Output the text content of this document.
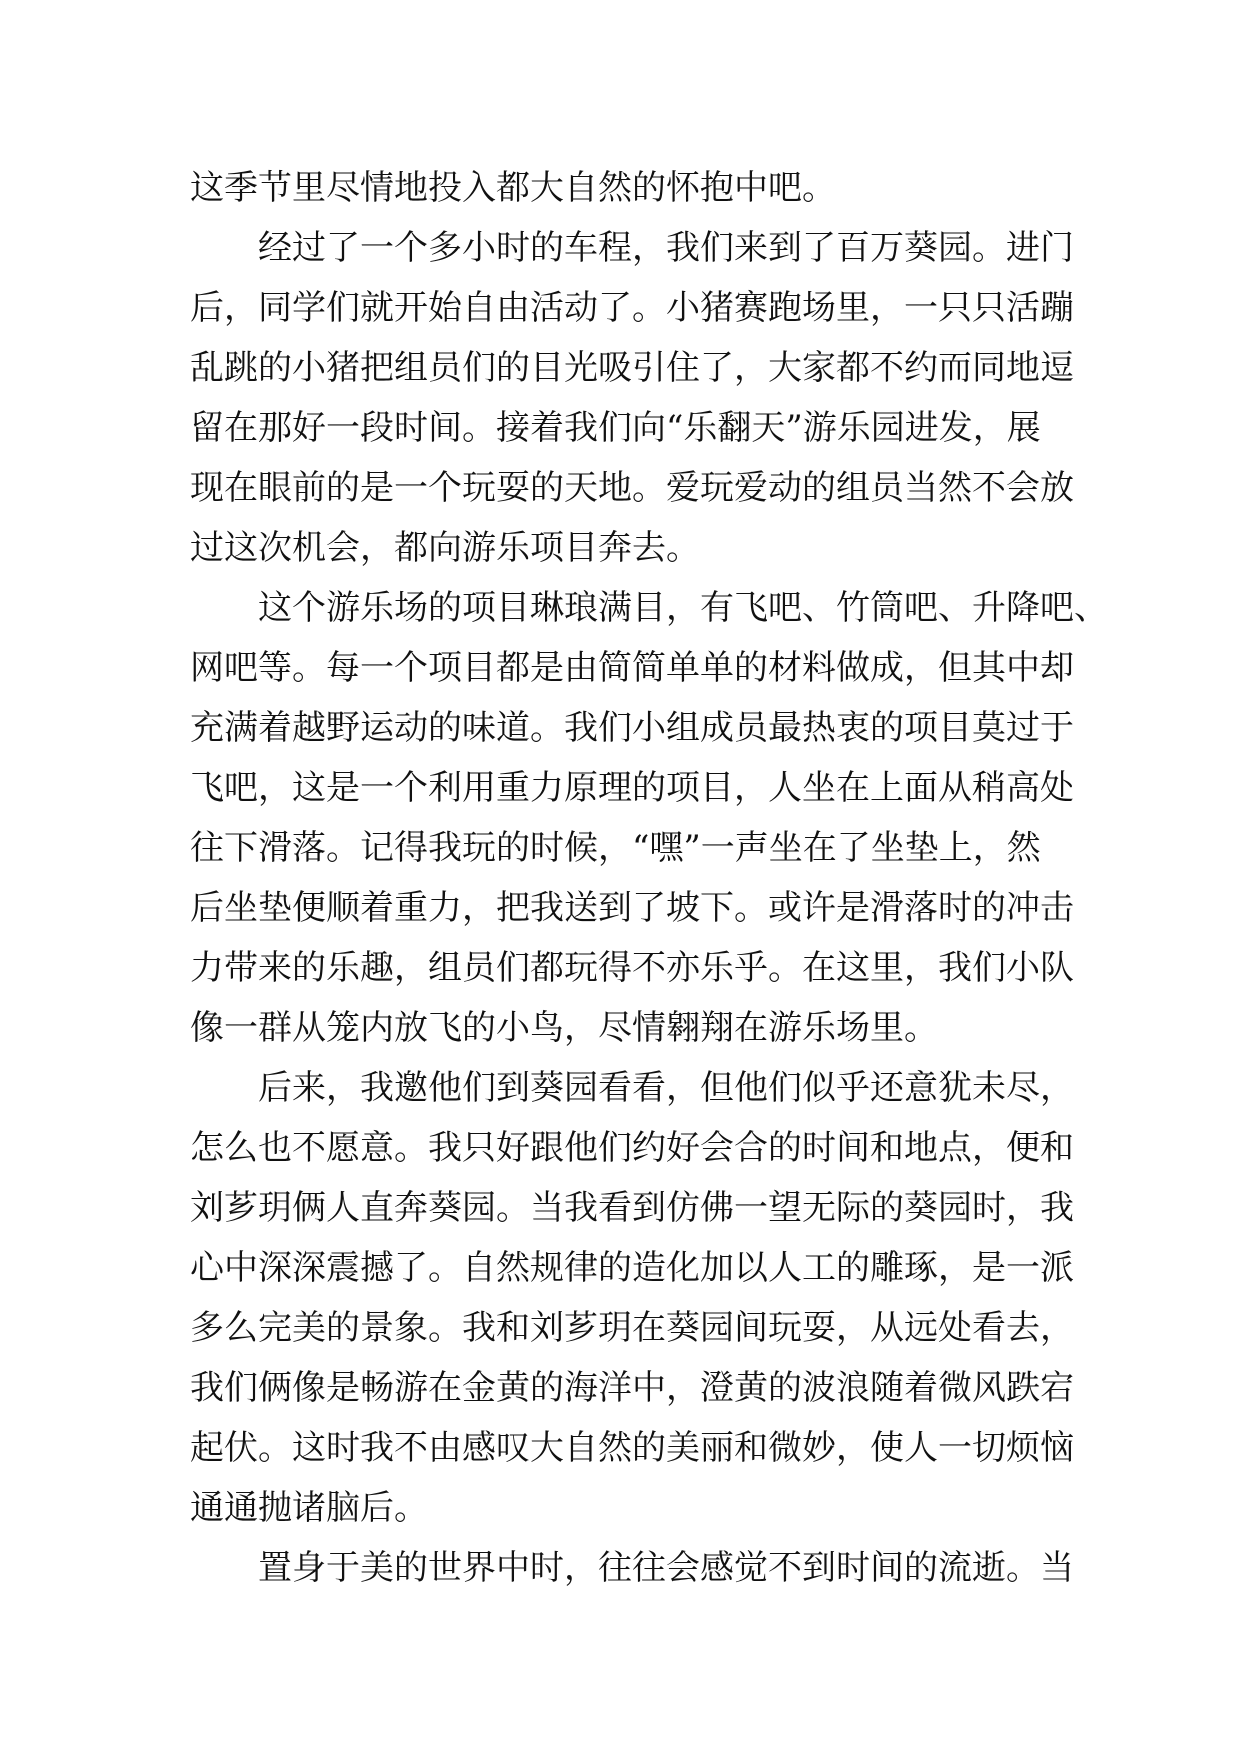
这季节里尽情地投入都大自然的怀抱中吧。
经过了一个多小时的车程，我们来到了百万葵园。进门
后，同学们就开始自由活动了。小猪赛跑场里，一只只活蹦
乱跳的小猪把组员们的目光吸引住了，大家都不约而同地逗
留在那好一段时间。接着我们向“乐翻天”游乐园进发，展
现在眼前的是一个玩耍的天地。爱玩爱动的组员当然不会放
过这次机会，都向游乐项目奔去。
这个游乐场的项目琳琅满目，有飞吧、竹筒吧、升降吧、
网吧等。每一个项目都是由简简单单的材料做成，但其中却
充满着越野运动的味道。我们小组成员最热衷的项目莫过于
飞吧，这是一个利用重力原理的项目，人坐在上面从稍高处
往下滑落。记得我玩的时候，“嘿”一声坐在了坐垫上，然
后坐垫便顺着重力，把我送到了坡下。或许是滑落时的冲击
力带来的乐趣，组员们都玩得不亦乐乎。在这里，我们小队
像一群从笼内放飞的小鸟，尽情翱翔在游乐场里。
后来，我邀他们到葵园看看，但他们似乎还意犹未尽，
怎么也不愿意。我只好跟他们约好会合的时间和地点，便和
刘芗玥俩人直奔葵园。当我看到仿佛一望无际的葵园时，我
心中深深震撼了。自然规律的造化加以人工的雕琢，是一派
多么完美的景象。我和刘芗玥在葵园间玩耍，从远处看去，
我们俩像是畅游在金黄的海洋中，澄黄的波浪随着微风跌宕
起伏。这时我不由感叹大自然的美丽和微妙，使人一切烦恼
通通抛诸脑后。
置身于美的世界中时，往往会感觉不到时间的流逝。当
